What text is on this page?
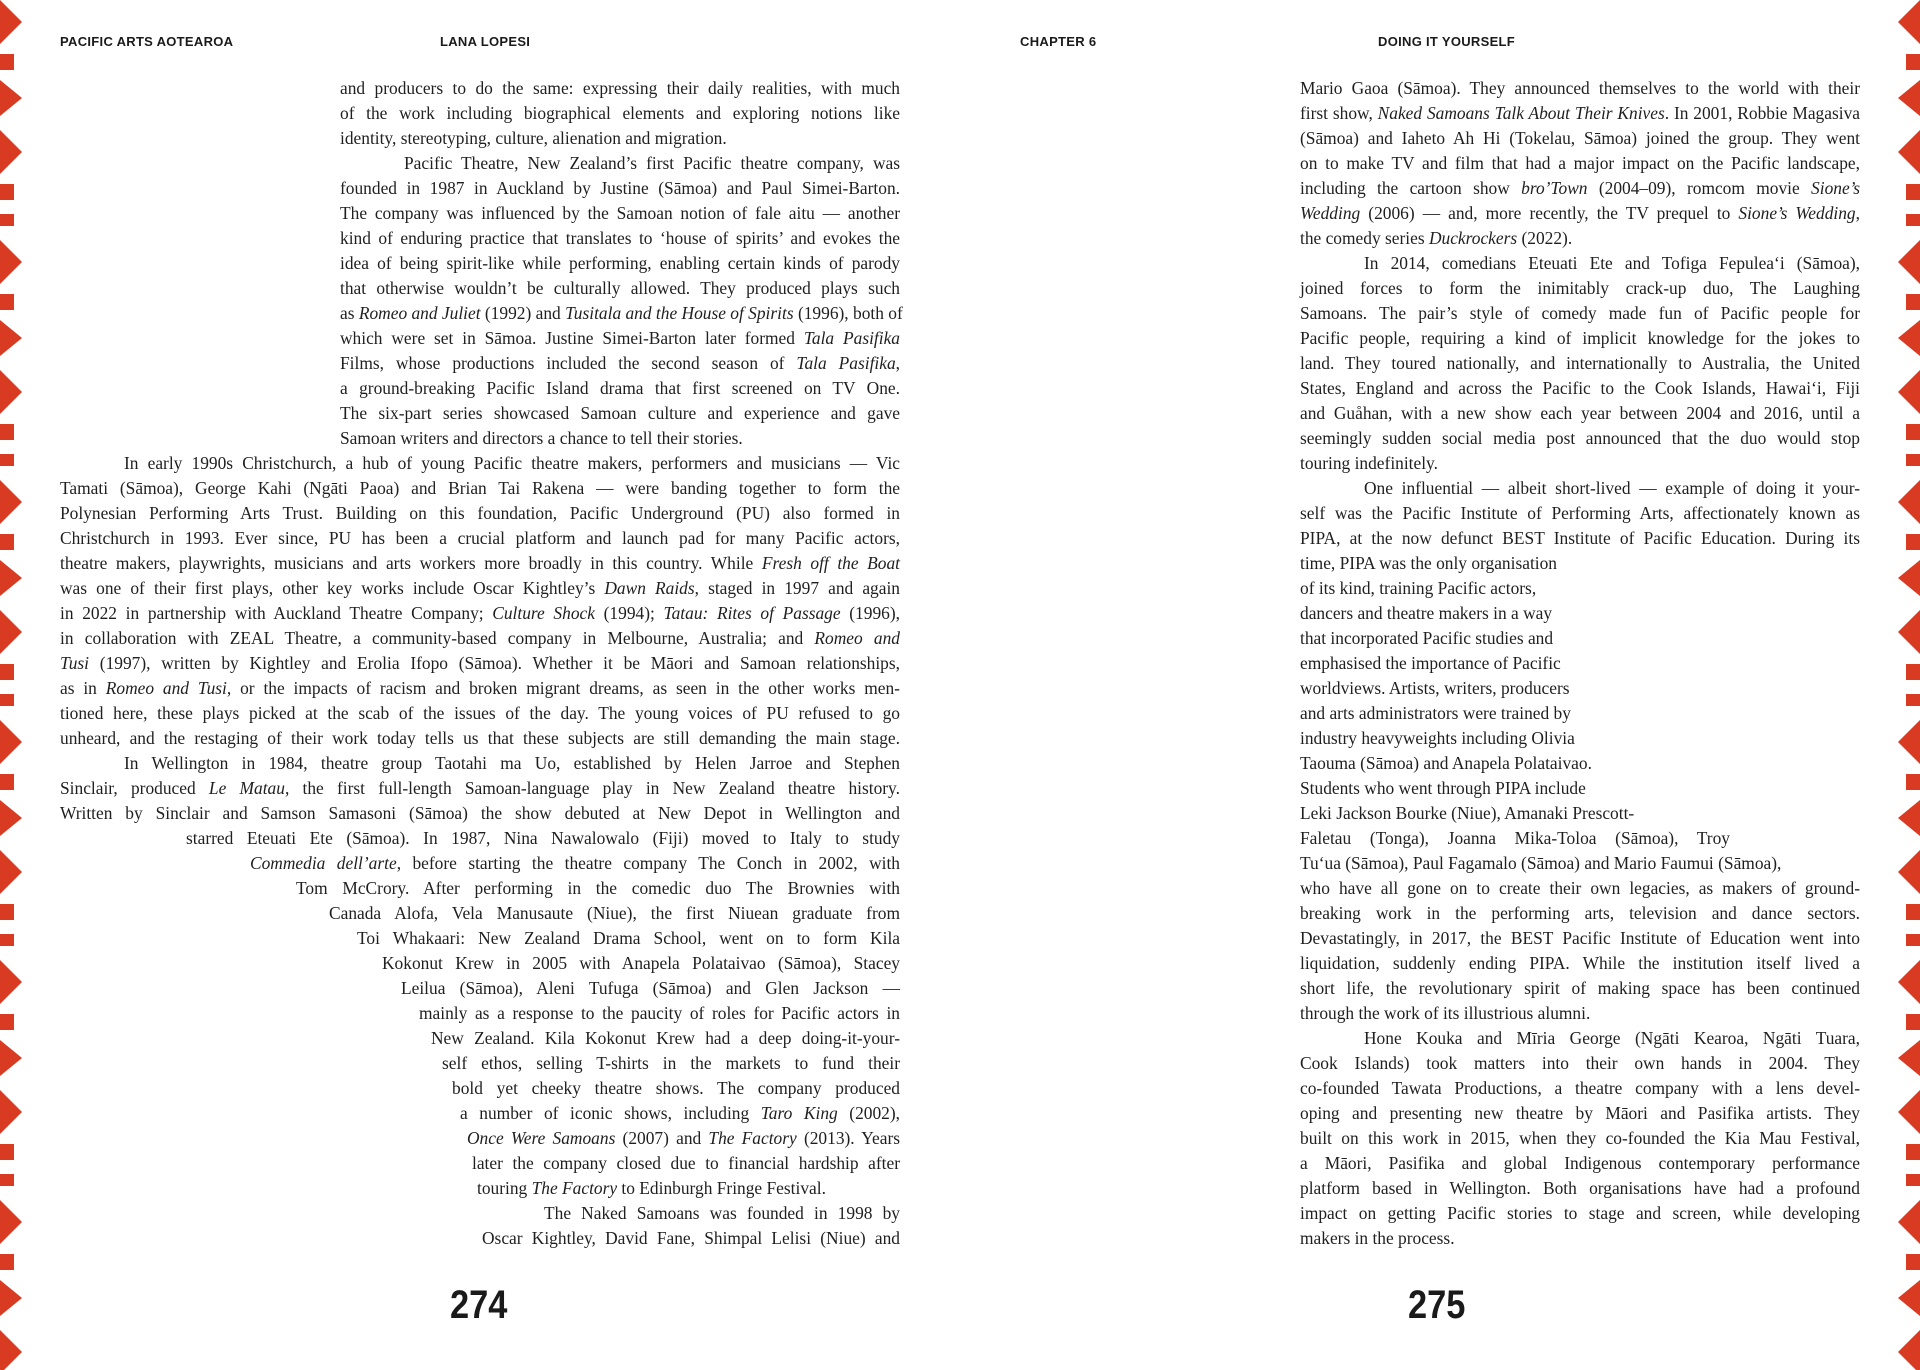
PACIFIC ARTS AOTEAROA	LANA LOPESI
and producers to do the same: expressing their daily realities, with much
of the work including biographical elements and exploring notions like
identity, stereotyping, culture, alienation and migration.
Pacific Theatre, New Zealand’s first Pacific theatre company, was
founded in 1987 in Auckland by Justine (Sāmoa) and Paul Simei-Barton.
The company was influenced by the Samoan notion of fale aitu — another
kind of enduring practice that translates to ‘house of spirits’ and evokes the
idea of being spirit-like while performing, enabling certain kinds of parody
that otherwise wouldn’t be culturally allowed. They produced plays such
as Romeo and Juliet (1992) and Tusitala and the House of Spirits (1996), both of
which were set in Sāmoa. Justine Simei-Barton later formed Tala Pasifika
Films, whose productions included the second season of Tala Pasifika,
a ground-breaking Pacific Island drama that first screened on TV One.
The six-part series showcased Samoan culture and experience and gave
Samoan writers and directors a chance to tell their stories.
In early 1990s Christchurch, a hub of young Pacific theatre makers, performers and musicians — Vic
Tamati (Sāmoa), George Kahi (Ngāti Paoa) and Brian Tai Rakena — were banding together to form the
Polynesian Performing Arts Trust. Building on this foundation, Pacific Underground (PU) also formed in
Christchurch in 1993. Ever since, PU has been a crucial platform and launch pad for many Pacific actors,
theatre makers, playwrights, musicians and arts workers more broadly in this country. While Fresh off the Boat
was one of their first plays, other key works include Oscar Kightley’s Dawn Raids, staged in 1997 and again
in 2022 in partnership with Auckland Theatre Company; Culture Shock (1994); Tatau: Rites of Passage (1996),
in collaboration with ZEAL Theatre, a community-based company in Melbourne, Australia; and Romeo and
Tusi (1997), written by Kightley and Erolia Ifopo (Sāmoa). Whether it be Māori and Samoan relationships,
as in Romeo and Tusi, or the impacts of racism and broken migrant dreams, as seen in the other works men-
tioned here, these plays picked at the scab of the issues of the day. The young voices of PU refused to go
unheard, and the restaging of their work today tells us that these subjects are still demanding the main stage.
In Wellington in 1984, theatre group Taotahi ma Uo, established by Helen Jarroe and Stephen
Sinclair, produced Le Matau, the first full-length Samoan-language play in New Zealand theatre history.
Written by Sinclair and Samson Samasoni (Sāmoa) the show debuted at New Depot in Wellington and
starred Eteuati Ete (Sāmoa). In 1987, Nina Nawalowalo (Fiji) moved to Italy to study
Commedia dell’arte, before starting the theatre company The Conch in 2002, with
Tom McCrory. After performing in the comedic duo The Brownies with
Canada Alofa, Vela Manusaute (Niue), the first Niuean graduate from
Toi Whakaari: New Zealand Drama School, went on to form Kila
Kokonut Krew in 2005 with Anapela Polataivao (Sāmoa), Stacey
Leilua (Sāmoa), Aleni Tufuga (Sāmoa) and Glen Jackson —
mainly as a response to the paucity of roles for Pacific actors in
New Zealand. Kila Kokonut Krew had a deep doing-it-your-
self ethos, selling T-shirts in the markets to fund their
bold yet cheeky theatre shows. The company produced
a number of iconic shows, including Taro King (2002),
Once Were Samoans (2007) and The Factory (2013). Years
later the company closed due to financial hardship after
touring The Factory to Edinburgh Fringe Festival.
The Naked Samoans was founded in 1998 by
Oscar Kightley, David Fane, Shimpal Lelisi (Niue) and
274
CHAPTER 6	DOING IT YOURSELF
Mario Gaoa (Sāmoa). They announced themselves to the world with their
first show, Naked Samoans Talk About Their Knives. In 2001, Robbie Magasiva
(Sāmoa) and Iaheto Ah Hi (Tokelau, Sāmoa) joined the group. They went
on to make TV and film that had a major impact on the Pacific landscape,
including the cartoon show bro’Town (2004–09), romcom movie Sione’s
Wedding (2006) — and, more recently, the TV prequel to Sione’s Wedding,
the comedy series Duckrockers (2022).
In 2014, comedians Eteuati Ete and Tofiga Fepulea‘i (Sāmoa),
joined forces to form the inimitably crack-up duo, The Laughing
Samoans. The pair’s style of comedy made fun of Pacific people for
Pacific people, requiring a kind of implicit knowledge for the jokes to
land. They toured nationally, and internationally to Australia, the United
States, England and across the Pacific to the Cook Islands, Hawai‘i, Fiji
and Guåhan, with a new show each year between 2004 and 2016, until a
seemingly sudden social media post announced that the duo would stop
touring indefinitely.
One influential — albeit short-lived — example of doing it your-
self was the Pacific Institute of Performing Arts, affectionately known as
PIPA, at the now defunct BEST Institute of Pacific Education. During its
time, PIPA was the only organisation
of its kind, training Pacific actors,
dancers and theatre makers in a way
that incorporated Pacific studies and
emphasised the importance of Pacific
worldviews. Artists, writers, producers
and arts administrators were trained by
industry heavyweights including Olivia
Taouma (Sāmoa) and Anapela Polataivao.
Students who went through PIPA include
Leki Jackson Bourke (Niue), Amanaki Prescott-
Faletau (Tonga), Joanna Mika-Toloa (Sāmoa), Troy
Tu‘ua (Sāmoa), Paul Fagamalo (Sāmoa) and Mario Faumui (Sāmoa),
who have all gone on to create their own legacies, as makers of ground-
breaking work in the performing arts, television and dance sectors.
Devastatingly, in 2017, the BEST Pacific Institute of Education went into
liquidation, suddenly ending PIPA. While the institution itself lived a
short life, the revolutionary spirit of making space has been continued
through the work of its illustrious alumni.
Hone Kouka and Mīria George (Ngāti Kearoa, Ngāti Tuara,
Cook Islands) took matters into their own hands in 2004. They
co-founded Tawata Productions, a theatre company with a lens devel-
oping and presenting new theatre by Māori and Pasifika artists. They
built on this work in 2015, when they co-founded the Kia Mau Festival,
a Māori, Pasifika and global Indigenous contemporary performance
platform based in Wellington. Both organisations have had a profound
impact on getting Pacific stories to stage and screen, while developing
makers in the process.
275
